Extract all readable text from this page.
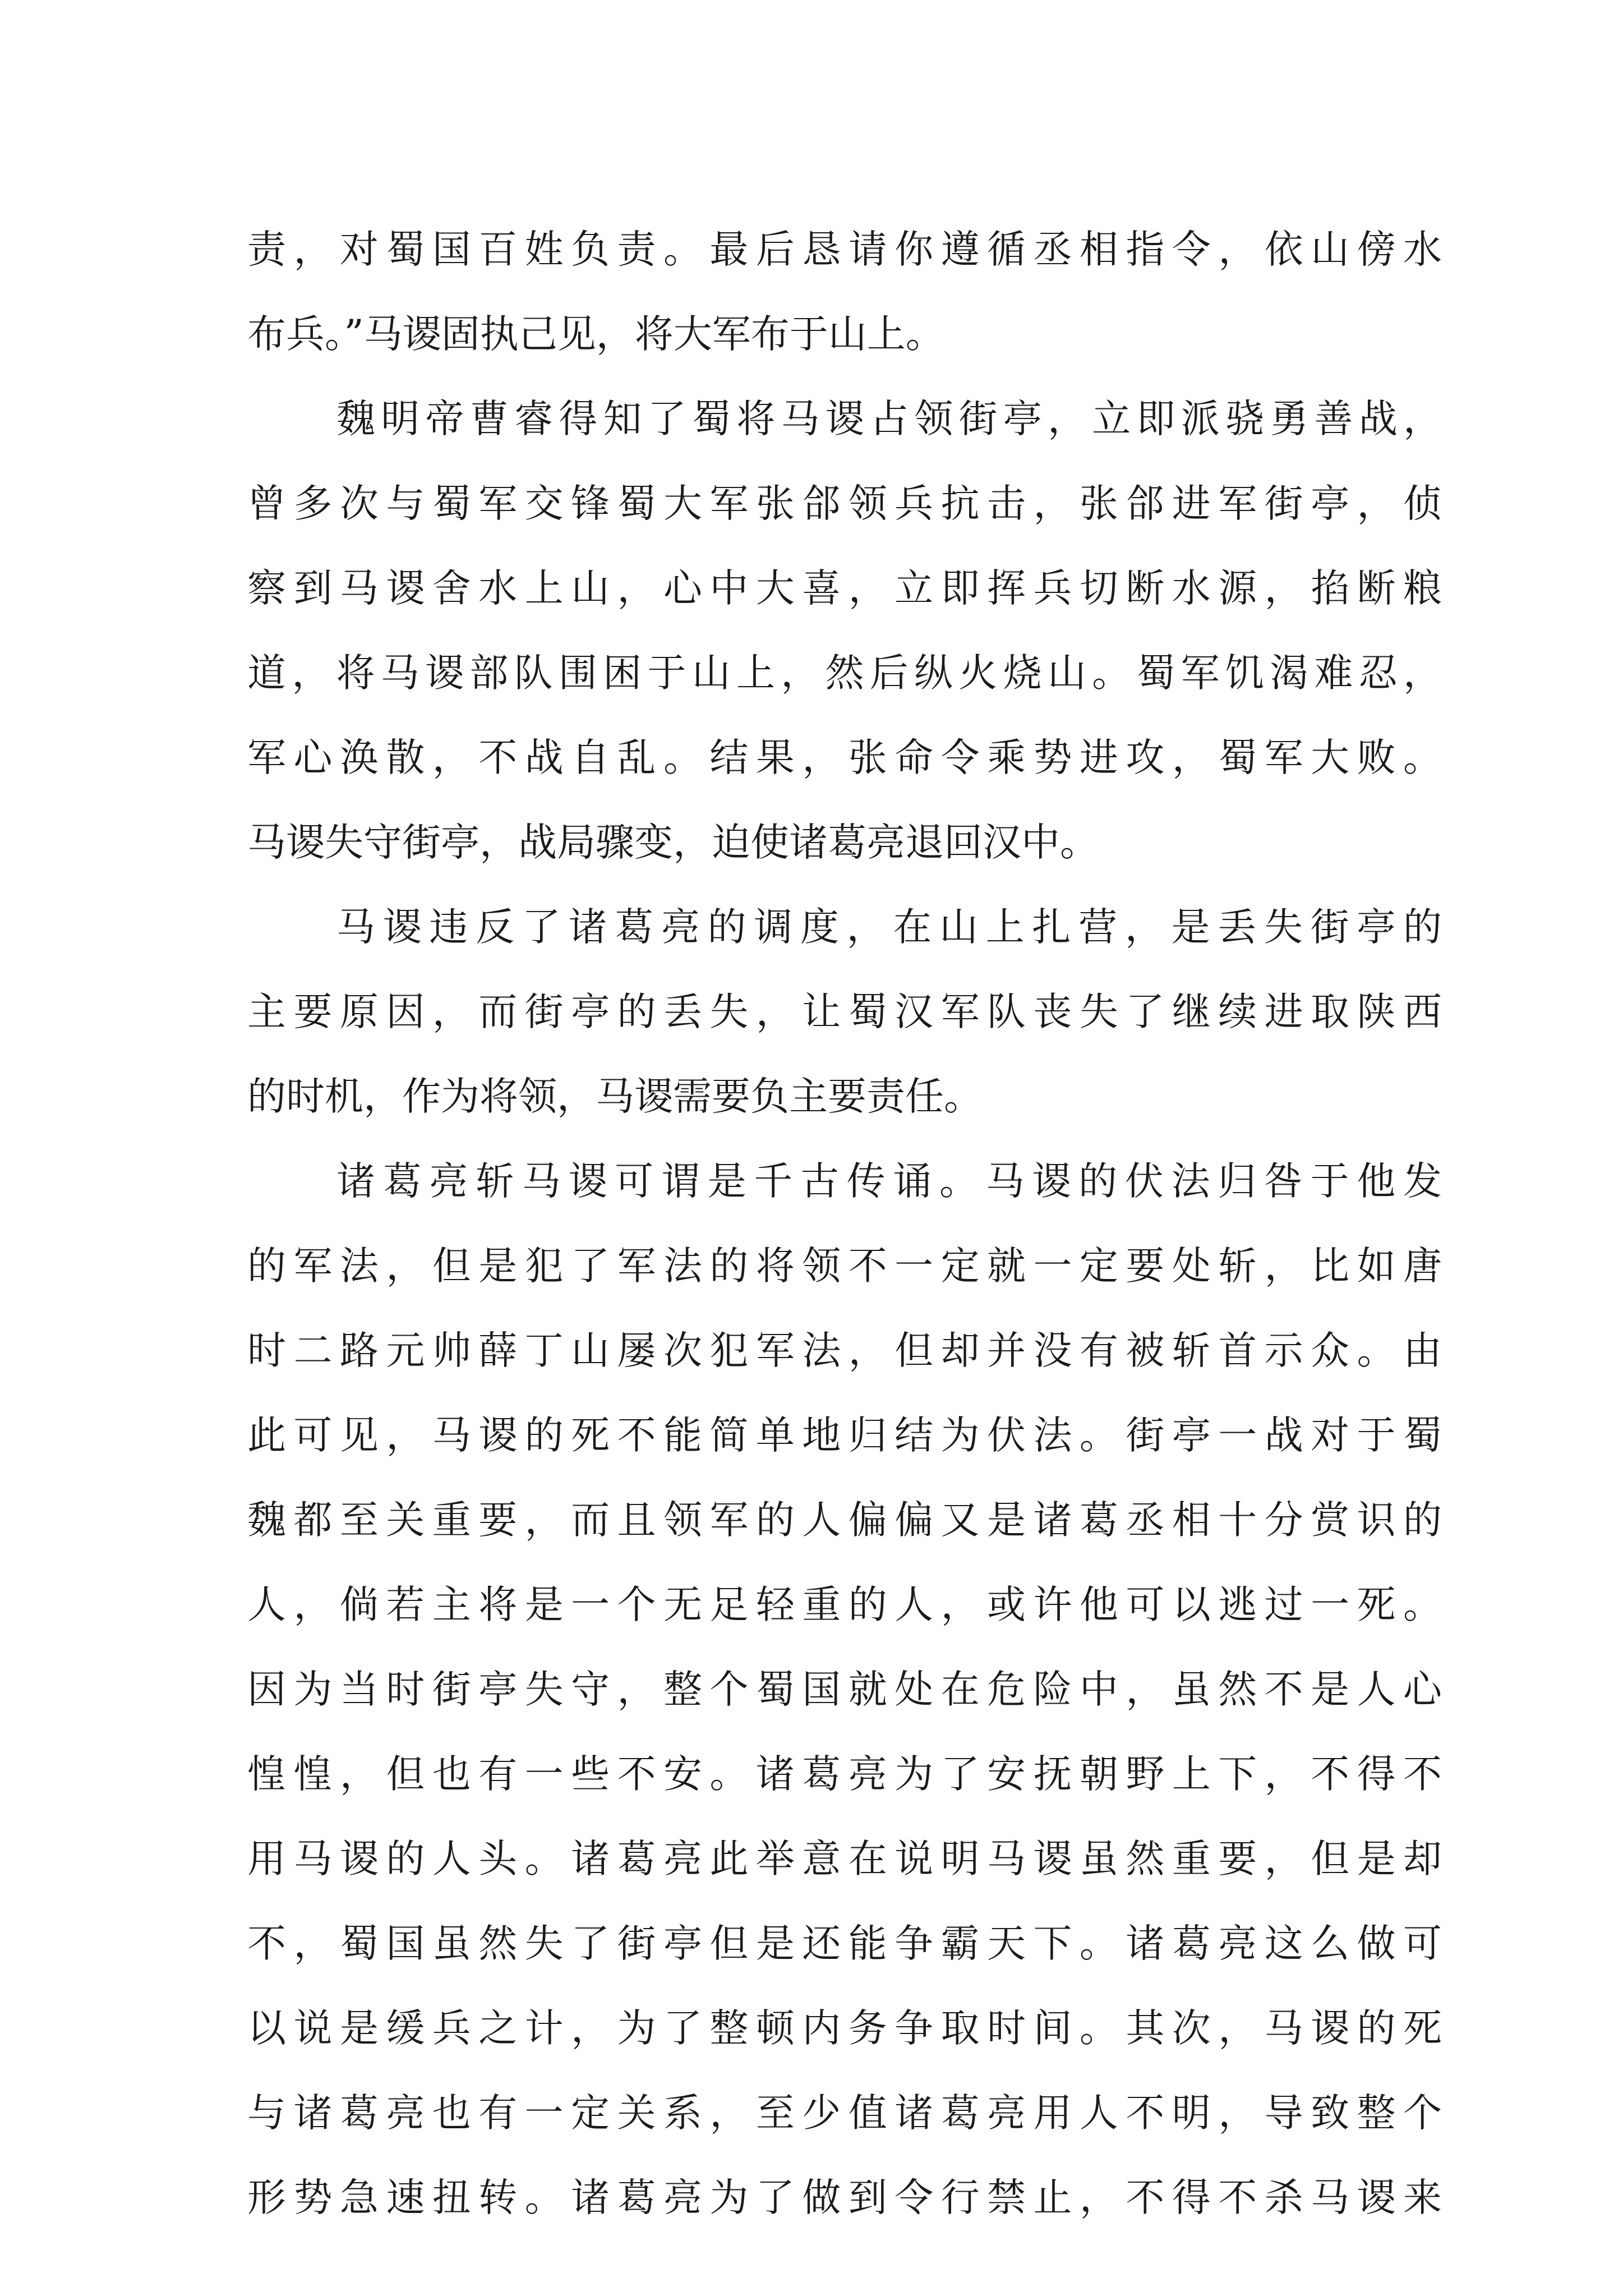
责，对蜀国百姓负责。最后恳请你遵循丞相指令，依山傍水
布兵。”马谡固执己见，将大军布于山上。
魏明帝曹睿得知了蜀将马谡占领街亭，立即派骁勇善战，
曾多次与蜀军交锋蜀大军张郃领兵抗击，张郃进军街亭，侦
察到马谡舍水上山，心中大喜，立即挥兵切断水源，掐断粮
道，将马谡部队围困于山上，然后纵火烧山。蜀军饥渴难忍，
军心涣散，不战自乱。结果，张命令乘势进攻，蜀军大败。
马谡失守街亭，战局骤变，迫使诸葛亮退回汉中。
马谡违反了诸葛亮的调度，在山上扎营，是丢失街亭的
主要原因，而街亭的丢失，让蜀汉军队丧失了继续进取陕西
的时机，作为将领，马谡需要负主要责任。
诸葛亮斩马谡可谓是千古传诵。马谡的伏法归咎于他发
的军法，但是犯了军法的将领不一定就一定要处斩，比如唐
时二路元帅薛丁山屡次犯军法，但却并没有被斩首示众。由
此可见，马谡的死不能简单地归结为伏法。街亭一战对于蜀
魏都至关重要，而且领军的人偏偏又是诸葛丞相十分赏识的
人，倘若主将是一个无足轻重的人，或许他可以逃过一死。
因为当时街亭失守，整个蜀国就处在危险中，虽然不是人心
惶惶，但也有一些不安。诸葛亮为了安抚朝野上下，不得不
用马谡的人头。诸葛亮此举意在说明马谡虽然重要，但是却
不，蜀国虽然失了街亭但是还能争霸天下。诸葛亮这么做可
以说是缓兵之计，为了整顿内务争取时间。其次，马谡的死
与诸葛亮也有一定关系，至少值诸葛亮用人不明，导致整个
形势急速扭转。诸葛亮为了做到令行禁止，不得不杀马谡来
